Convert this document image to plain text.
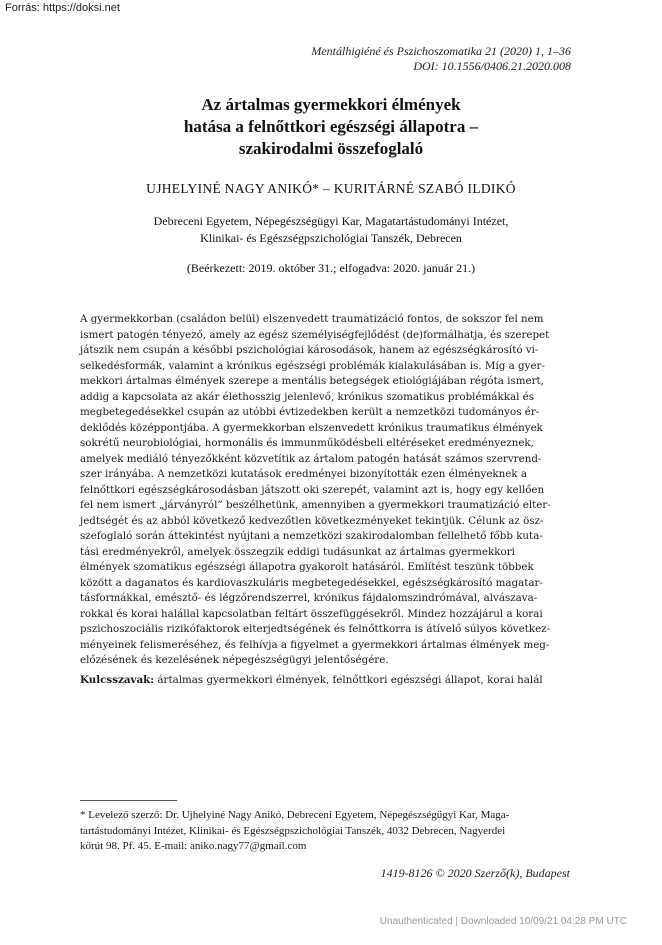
Forrás: https://doksi.net
Mentálhigiéné és Pszichoszomatika 21 (2020) 1, 1–36
DOI: 10.1556/0406.21.2020.008
Az ártalmas gyermekkori élmények
hatása a felnőttkori egészségi állapotra –
szakirodalmi összefoglaló
UJHELYINÉ NAGY ANIKÓ* – KURITÁRNÉ SZABÓ ILDIKÓ
Debreceni Egyetem, Népegészségügyi Kar, Magatartástudományi Intézet,
Klinikai- és Egészségpszichológiai Tanszék, Debrecen
(Beérkezett: 2019. október 31.; elfogadva: 2020. január 21.)
A gyermekkorban (családon belül) elszenvedett traumatizáció fontos, de sokszor fel nem
ismert patogén tényező, amely az egész személyiségfejlődést (de)formálhatja, és szerepet
játszik nem csupán a későbbi pszichológiai károsodások, hanem az egészségkárosító vi-
selkedésformák, valamint a krónikus egészségi problémák kialakulásában is. Míg a gyer-
mekkori ártalmas élmények szerepe a mentális betegségek etiológiájában régóta ismert,
addig a kapcsolata az akár élethosszig jelenlevő, krónikus szomatikus problémákkal és
megbetegedésekkel csupán az utóbbi évtizedekben került a nemzetközi tudományos ér-
deklődés középpontjába. A gyermekkorban elszenvedett krónikus traumatikus élmények
sokrétű neurobiológiai, hormonális és immunműködésbeli eltéréseket eredményeznek,
amelyek mediáló tényezőkként közvetítik az ártalom patogén hatását számos szervrend-
szer irányába. A nemzetközi kutatások eredményei bizonyították ezen élményeknek a
felnőttkori egészségkárosodásban játszott oki szerepét, valamint azt is, hogy egy kellően
fel nem ismert „járványról” beszélhetünk, amennyiben a gyermekkori traumatizáció elter-
jedtségét és az abból következő kedvezőtlen következményeket tekintjük. Célunk az ösz-
szefoglaló során áttekintést nyújtani a nemzetközi szakirodalomban fellelhető főbb kuta-
tási eredményekről, amelyek összegzik eddigi tudásunkat az ártalmas gyermekkori
élmények szomatikus egészségi állapotra gyakorolt hatásáról. Említést teszünk többek
között a daganatos és kardiovaszkuláris megbetegedésekkel, egészségkárosító magatar-
tásformákkal, emésztő- és légzőrendszerrel, krónikus fájdalomszindrómával, alvászava-
rokkal és korai halállal kapcsolatban feltárt összefüggésekről. Mindez hozzájárul a korai
pszichoszociális rizikófaktorok elterjedtségének és felnőttkorra is átívelő súlyos következ-
ményeinek felismeréséhez, és felhívja a figyelmet a gyermekkori ártalmas élmények meg-
előzésének és kezelésének népegészségügyi jelentőségére.
Kulcsszavak: ártalmas gyermekkori élmények, felnőttkori egészségi állapot, korai halál
* Levelező szerző: Dr. Ujhelyiné Nagy Anikó, Debreceni Egyetem, Népegészségügyi Kar, Maga-
tartástudományi Intézet, Klinikai- és Egészségpszichológiai Tanszék, 4032 Debrecen, Nagyerdei
körút 98. Pf. 45. E-mail: aniko.nagy77@gmail.com
1419-8126 © 2020 Szerző(k), Budapest
Unauthenticated | Downloaded 10/09/21 04:28 PM UTC
